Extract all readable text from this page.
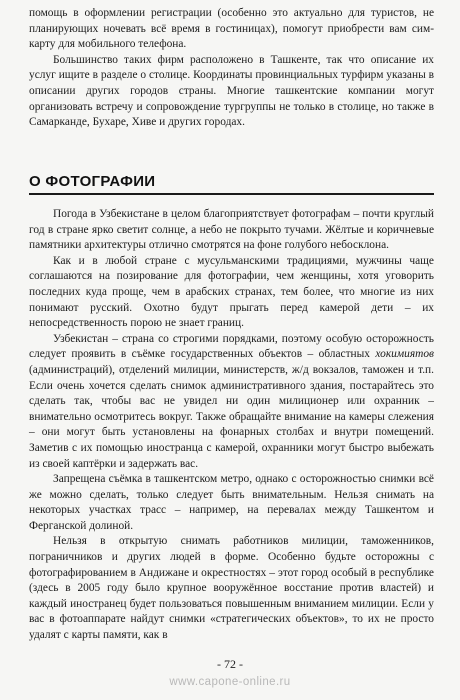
помощь в оформлении регистрации (особенно это актуально для туристов, не планирующих ночевать всё время в гостиницах), помогут приобрести вам сим-карту для мобильного телефона.

Большинство таких фирм расположено в Ташкенте, так что описание их услуг ищите в разделе о столице. Координаты провинциальных турфирм указаны в описании других городов страны. Многие ташкентские компании могут организовать встречу и сопровождение тургруппы не только в столице, но также в Самарканде, Бухаре, Хиве и других городах.

О ФОТОГРАФИИ

Погода в Узбекистане в целом благоприятствует фотографам – почти круглый год в стране ярко светит солнце, а небо не покрыто тучами. Жёлтые и коричневые памятники архитектуры отлично смотрятся на фоне голубого небосклона.

Как и в любой стране с мусульманскими традициями, мужчины чаще соглашаются на позирование для фотографии, чем женщины, хотя уговорить последних куда проще, чем в арабских странах, тем более, что многие из них понимают русский. Охотно будут прыгать перед камерой дети – их непосредственность порою не знает границ.

Узбекистан – страна со строгими порядками, поэтому особую осторожность следует проявить в съёмке государственных объектов – областных хокимиятов (администраций), отделений милиции, министерств, ж/д вокзалов, таможен и т.п. Если очень хочется сделать снимок административного здания, постарайтесь это сделать так, чтобы вас не увидел ни один милиционер или охранник – внимательно осмотритесь вокруг. Также обращайте внимание на камеры слежения – они могут быть установлены на фонарных столбах и внутри помещений. Заметив с их помощью иностранца с камерой, охранники могут быстро выбежать из своей каптёрки и задержать вас.

Запрещена съёмка в ташкентском метро, однако с осторожностью снимки всё же можно сделать, только следует быть внимательным. Нельзя снимать на некоторых участках трасс – например, на перевалах между Ташкентом и Ферганской долиной.

Нельзя в открытую снимать работников милиции, таможенников, пограничников и других людей в форме. Особенно будьте осторожны с фотографированием в Андижане и окрестностях – этот город особый в республике (здесь в 2005 году было крупное вооружённое восстание против властей) и каждый иностранец будет пользоваться повышенным вниманием милиции. Если у вас в фотоаппарате найдут снимки «стратегических объектов», то их не просто удалят с карты памяти, как в

- 72 -
www.capone-online.ru
